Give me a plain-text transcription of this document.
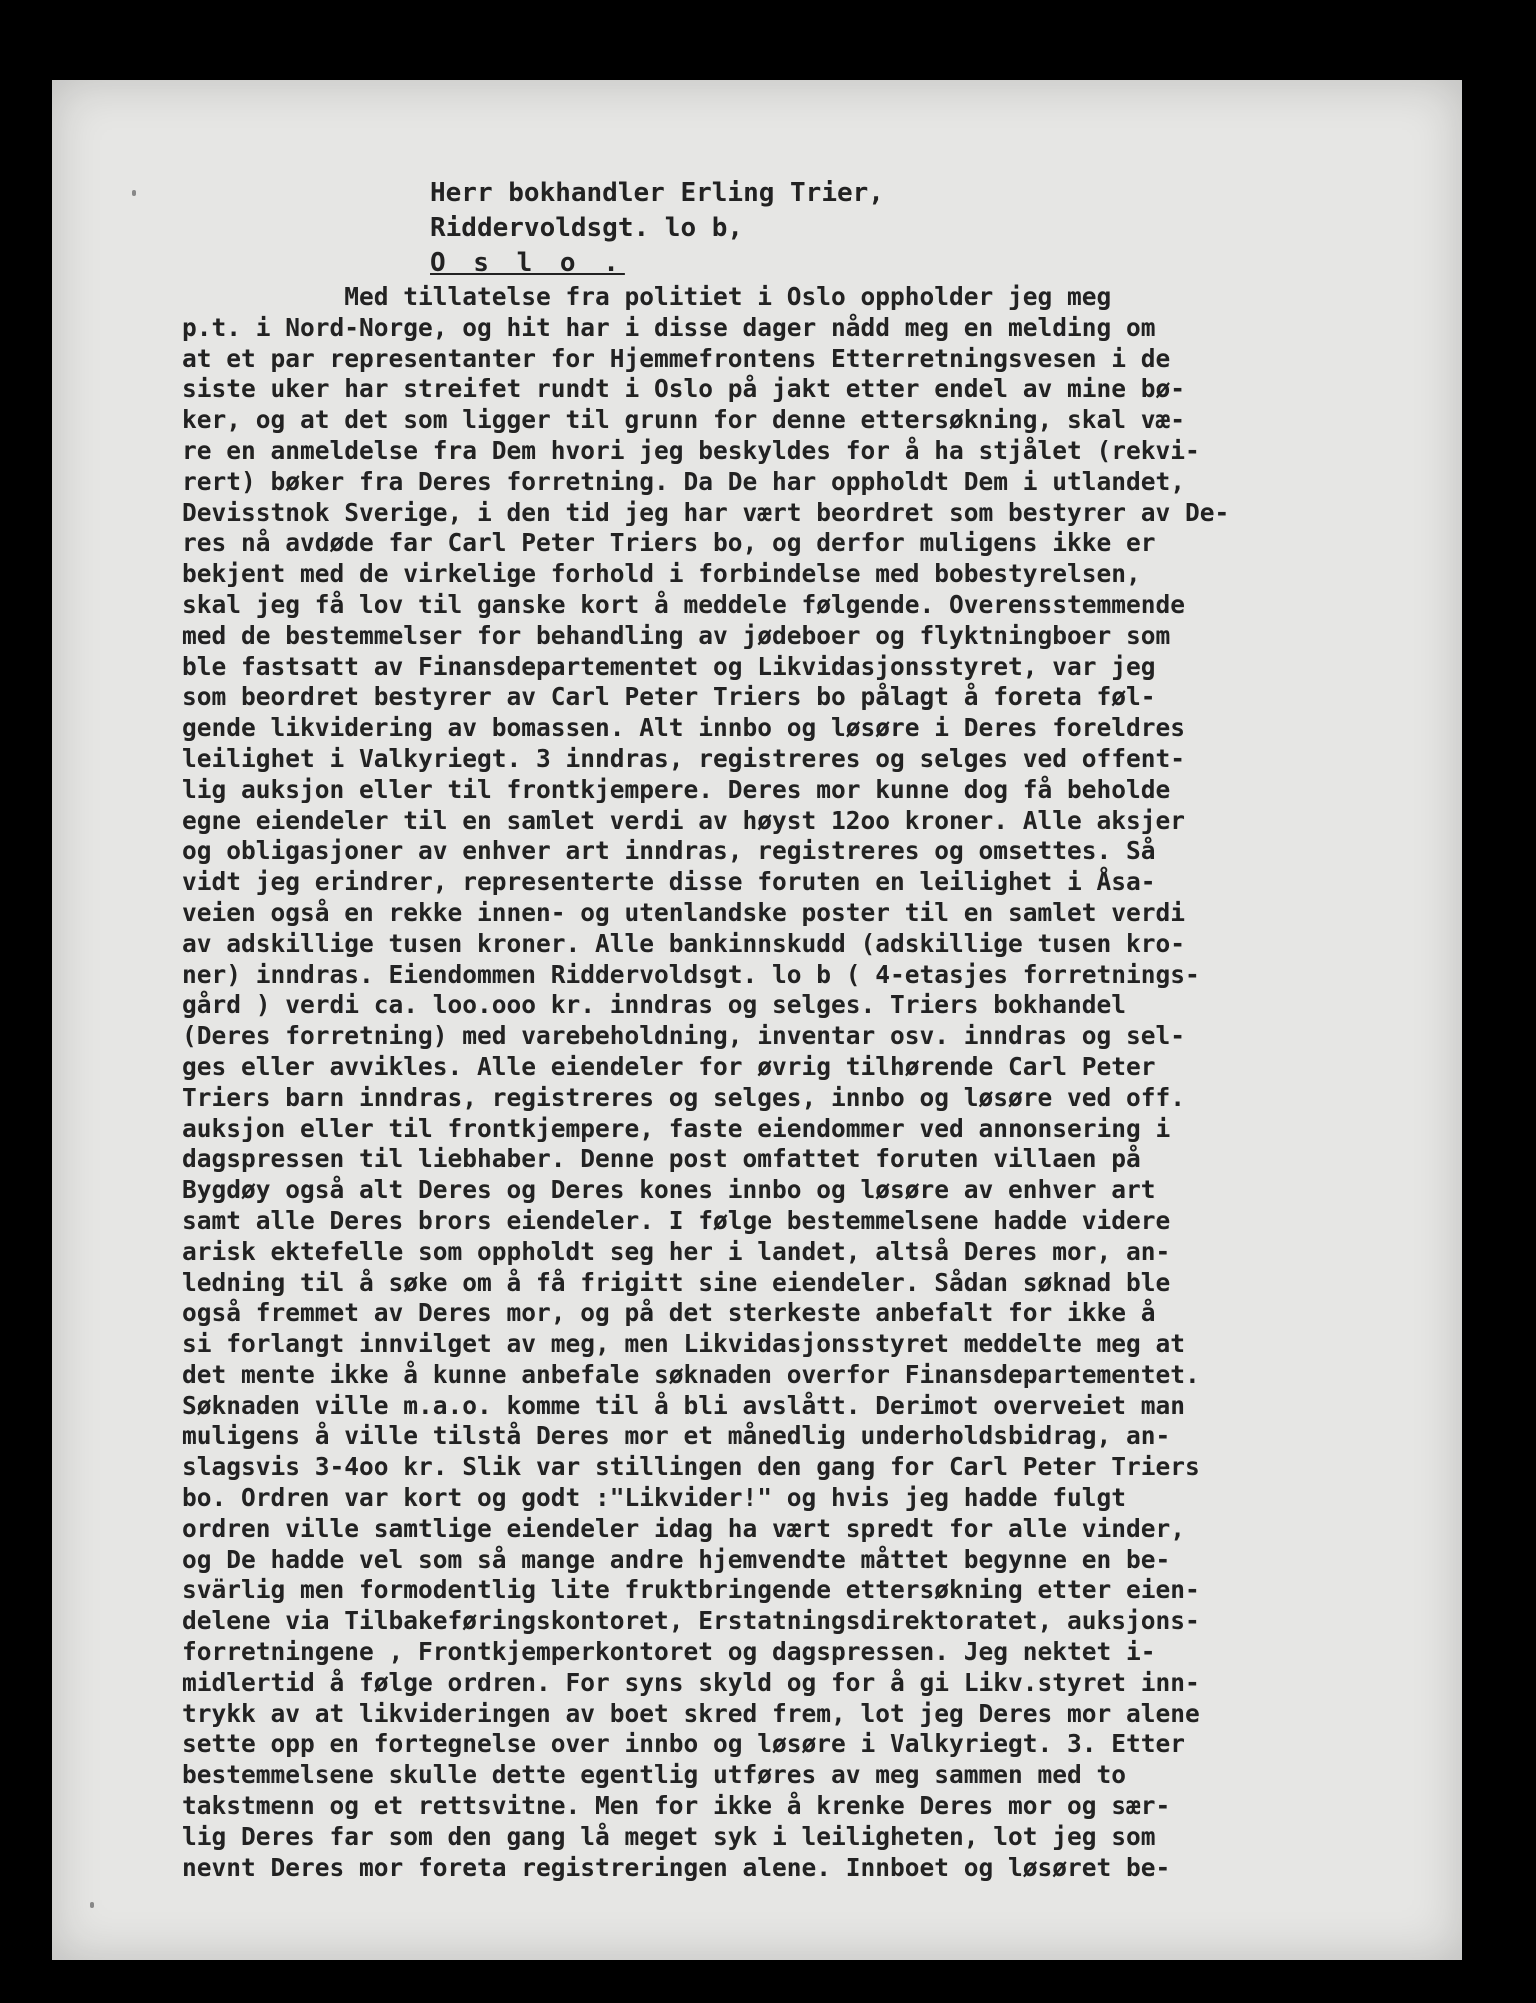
Herr bokhandler Erling Trier,
Riddervoldsgt. lo b,
O s l o .
Med tillatelse fra politiet i Oslo oppholder jeg meg
p.t. i Nord-Norge, og hit har i disse dager nådd meg en melding om
at et par representanter for Hjemmefrontens Etterretningsvesen i de
siste uker har streifet rundt i Oslo på jakt etter endel av mine bø-
ker, og at det som ligger til grunn for denne ettersøkning, skal væ-
re en anmeldelse fra Dem hvori jeg beskyldes for å ha stjålet (rekvi-
rert) bøker fra Deres forretning. Da De har oppholdt Dem i utlandet,
Devisstnok Sverige, i den tid jeg har vært beordret som bestyrer av De-
res nå avdøde far Carl Peter Triers bo, og derfor muligens ikke er
bekjent med de virkelige forhold i forbindelse med bobestyrelsen,
skal jeg få lov til ganske kort å meddele følgende. Overensstemmende
med de bestemmelser for behandling av jødeboer og flyktningboer som
ble fastsatt av Finansdepartementet og Likvidasjonsstyret, var jeg
som beordret bestyrer av Carl Peter Triers bo pålagt å foreta føl-
gende likvidering av bomassen. Alt innbo og løsøre i Deres foreldres
leilighet i Valkyriegt. 3 inndras, registreres og selges ved offent-
lig auksjon eller til frontkjempere. Deres mor kunne dog få beholde
egne eiendeler til en samlet verdi av høyst 12oo kroner. Alle aksjer
og obligasjoner av enhver art inndras, registreres og omsettes. Så
vidt jeg erindrer, representerte disse foruten en leilighet i Åsa-
veien også en rekke innen- og utenlandske poster til en samlet verdi
av adskillige tusen kroner. Alle bankinnskudd (adskillige tusen kro-
ner) inndras. Eiendommen Riddervoldsgt. lo b ( 4-etasjes forretnings-
gård ) verdi ca. loo.ooo kr. inndras og selges. Triers bokhandel
(Deres forretning) med varebeholdning, inventar osv. inndras og sel-
ges eller avvikles. Alle eiendeler for øvrig tilhørende Carl Peter
Triers barn inndras, registreres og selges, innbo og løsøre ved off.
auksjon eller til frontkjempere, faste eiendommer ved annonsering i
dagspressen til liebhaber. Denne post omfattet foruten villaen på
Bygdøy også alt Deres og Deres kones innbo og løsøre av enhver art
samt alle Deres brors eiendeler. I følge bestemmelsene hadde videre
arisk ektefelle som oppholdt seg her i landet, altså Deres mor, an-
ledning til å søke om å få frigitt sine eiendeler. Sådan søknad ble
også fremmet av Deres mor, og på det sterkeste anbefalt for ikke å
si forlangt innvilget av meg, men Likvidasjonsstyret meddelte meg at
det mente ikke å kunne anbefale søknaden overfor Finansdepartementet.
Søknaden ville m.a.o. komme til å bli avslått. Derimot overveiet man
muligens å ville tilstå Deres mor et månedlig underholdsbidrag, an-
slagsvis 3-4oo kr. Slik var stillingen den gang for Carl Peter Triers
bo. Ordren var kort og godt :"Likvider!" og hvis jeg hadde fulgt
ordren ville samtlige eiendeler idag ha vært spredt for alle vinder,
og De hadde vel som så mange andre hjemvendte måttet begynne en be-
svärlig men formodentlig lite fruktbringende ettersøkning etter eien-
delene via Tilbakeføringskontoret, Erstatningsdirektoratet, auksjons-
forretningene , Frontkjemperkontoret og dagspressen. Jeg nektet i-
midlertid å følge ordren. For syns skyld og for å gi Likv.styret inn-
trykk av at likvideringen av boet skred frem, lot jeg Deres mor alene
sette opp en fortegnelse over innbo og løsøre i Valkyriegt. 3. Etter
bestemmelsene skulle dette egentlig utføres av meg sammen med to
takstmenn og et rettsvitne. Men for ikke å krenke Deres mor og sær-
lig Deres far som den gang lå meget syk i leiligheten, lot jeg som
nevnt Deres mor foreta registreringen alene. Innboet og løsøret be-
